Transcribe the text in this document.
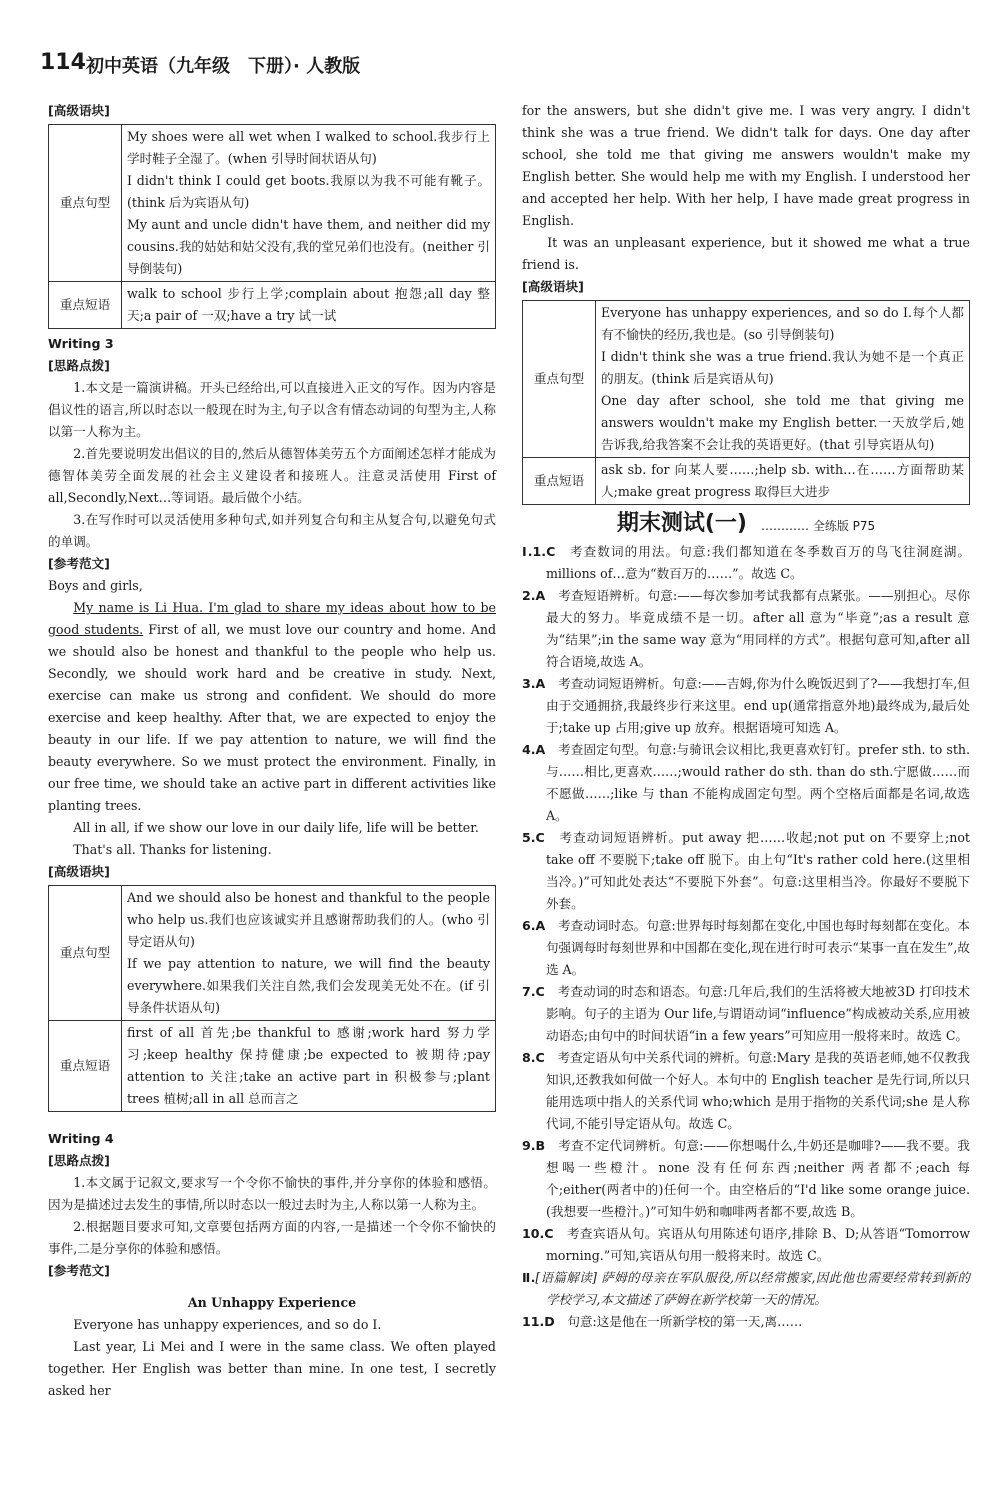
114 初中英语（九年级　下册）· 人教版

[高级语块]

重点句型	My shoes were all wet when I walked to school.我步行上学时鞋子全湿了。(when 引导时间状语从句)

I didn't think I could get boots.我原以为我不可能有靴子。(think 后为宾语从句)

My aunt and uncle didn't have them, and neither did my cousins.我的姑姑和姑父没有,我的堂兄弟们也没有。(neither 引导倒装句)

重点短语	walk to school 步行上学;complain about 抱怨;all day 整天;a pair of 一双;have a try 试一试

Writing 3

[思路点拨]

1.本文是一篇演讲稿。开头已经给出,可以直接进入正文的写作。因为内容是倡议性的语言,所以时态以一般现在时为主,句子以含有情态动词的句型为主,人称以第一人称为主。

2.首先要说明发出倡议的目的,然后从德智体美劳五个方面阐述怎样才能成为德智体美劳全面发展的社会主义建设者和接班人。注意灵活使用 First of all,Secondly,Next…等词语。最后做个小结。

3.在写作时可以灵活使用多种句式,如并列复合句和主从复合句,以避免句式的单调。

[参考范文]

Boys and girls,

My name is Li Hua. I'm glad to share my ideas about how to be good students. First of all, we must love our country and home. And we should also be honest and thankful to the people who help us. Secondly, we should work hard and be creative in study. Next, exercise can make us strong and confident. We should do more exercise and keep healthy. After that, we are expected to enjoy the beauty in our life. If we pay attention to nature, we will find the beauty everywhere. So we must protect the environment. Finally, in our free time, we should take an active part in different activities like planting trees.

All in all, if we show our love in our daily life, life will be better.

That's all. Thanks for listening.

[高级语块]

重点句型	And we should also be honest and thankful to the people who help us.我们也应该诚实并且感谢帮助我们的人。(who 引导定语从句)

If we pay attention to nature, we will find the beauty everywhere.如果我们关注自然,我们会发现美无处不在。(if 引导条件状语从句)

重点短语	first of all 首先;be thankful to 感谢;work hard 努力学习;keep healthy 保持健康;be expected to 被期待;pay attention to 关注;take an active part in 积极参与;plant trees 植树;all in all 总而言之

Writing 4

[思路点拨]

1.本文属于记叙文,要求写一个令你不愉快的事件,并分享你的体验和感悟。因为是描述过去发生的事情,所以时态以一般过去时为主,人称以第一人称为主。

2.根据题目要求可知,文章要包括两方面的内容,一是描述一个令你不愉快的事件,二是分享你的体验和感悟。

[参考范文]

An Unhappy Experience

Everyone has unhappy experiences, and so do I.

Last year, Li Mei and I were in the same class. We often played together. Her English was better than mine. In one test, I secretly asked her

for the answers, but she didn't give me. I was very angry. I didn't think she was a true friend. We didn't talk for days. One day after school, she told me that giving me answers wouldn't make my English better. She would help me with my English. I understood her and accepted her help. With her help, I have made great progress in English.

It was an unpleasant experience, but it showed me what a true friend is.

[高级语块]

重点句型	Everyone has unhappy experiences, and so do I.每个人都有不愉快的经历,我也是。(so 引导倒装句)

I didn't think she was a true friend.我认为她不是一个真正的朋友。(think 后是宾语从句)

One day after school, she told me that giving me answers wouldn't make my English better.一天放学后,她告诉我,给我答案不会让我的英语更好。(that 引导宾语从句)

重点短语	ask sb. for 向某人要……;help sb. with…在……方面帮助某人;make great progress 取得巨大进步

期末测试(一) ………… 全练版 P75

Ⅰ.1.C　 考查数词的用法。句意:我们都知道在冬季数百万的鸟飞往洞庭湖。millions of…意为“数百万的……”。故选 C。

2.A　 考查短语辨析。句意:——每次参加考试我都有点紧张。——别担心。尽你最大的努力。毕竟成绩不是一切。after all 意为“毕竟”;as a result 意为“结果”;in the same way 意为“用同样的方式”。根据句意可知,after all 符合语境,故选 A。

3.A　 考查动词短语辨析。句意:——吉姆,你为什么晚饭迟到了?——我想打车,但由于交通拥挤,我最终步行来这里。end up(通常指意外地)最终成为,最后处于;take up 占用;give up 放弃。根据语境可知选 A。

4.A　 考查固定句型。句意:与骑讯会议相比,我更喜欢钉钉。prefer sth. to sth.与……相比,更喜欢……;would rather do sth. than do sth.宁愿做……而不愿做……;like 与 than 不能构成固定句型。两个空格后面都是名词,故选 A。

5.C　 考查动词短语辨析。put away 把……收起;not put on 不要穿上;not take off 不要脱下;take off 脱下。由上句“It's rather cold here.(这里相当冷。)”可知此处表达“不要脱下外套”。句意:这里相当冷。你最好不要脱下外套。

6.A　 考查动词时态。句意:世界每时每刻都在变化,中国也每时每刻都在变化。本句强调每时每刻世界和中国都在变化,现在进行时可表示“某事一直在发生”,故选 A。

7.C　 考查动词的时态和语态。句意:几年后,我们的生活将被大地被3D 打印技术影响。句子的主语为 Our life,与谓语动词“influence”构成被动关系,应用被动语态;由句中的时间状语“in a few years”可知应用一般将来时。故选 C。

8.C　 考查定语从句中关系代词的辨析。句意:Mary 是我的英语老师,她不仅教我知识,还教我如何做一个好人。本句中的 English teacher 是先行词,所以只能用选项中指人的关系代词 who;which 是用于指物的关系代词;she 是人称代词,不能引导定语从句。故选 C。

9.B　 考查不定代词辨析。句意:——你想喝什么,牛奶还是咖啡?——我不要。我想喝一些橙汁。none 没有任何东西;neither 两者都不;each 每个;either(两者中的)任何一个。由空格后的“I'd like some orange juice.(我想要一些橙汁。)”可知牛奶和咖啡两者都不要,故选 B。

10.C　 考查宾语从句。宾语从句用陈述句语序,排除 B、D;从答语“Tomorrow morning.”可知,宾语从句用一般将来时。故选 C。

Ⅱ.[语篇解读] 萨姆的母亲在军队服役,所以经常搬家,因此他也需要经常转到新的学校学习,本文描述了萨姆在新学校第一天的情况。

11.D　 句意:这是他在一所新学校的第一天,离……
